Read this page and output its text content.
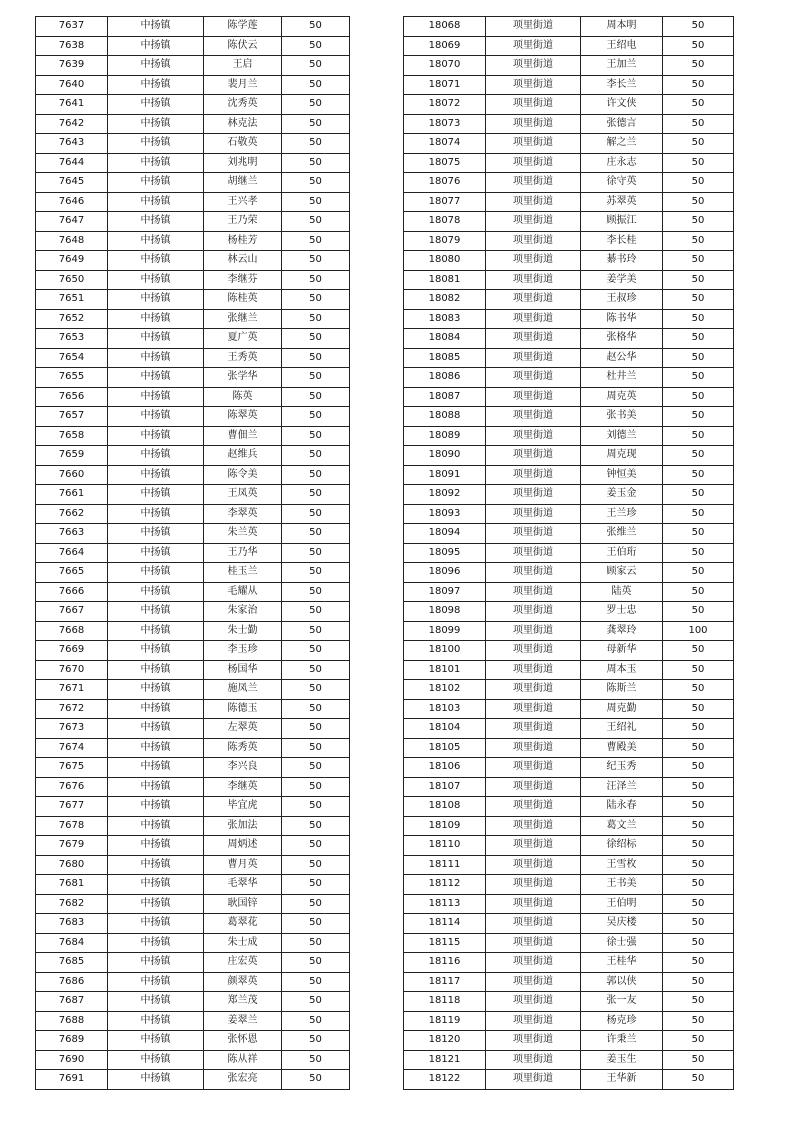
7637	中扬镇	陈学莲	50
7638	中扬镇	陈伏云	50
7639	中扬镇	王启	50
7640	中扬镇	裴月兰	50
7641	中扬镇	沈秀英	50
7642	中扬镇	林克法	50
7643	中扬镇	石敬英	50
7644	中扬镇	刘兆明	50
7645	中扬镇	胡继兰	50
7646	中扬镇	王兴孝	50
7647	中扬镇	王乃荣	50
7648	中扬镇	杨桂芳	50
7649	中扬镇	林云山	50
7650	中扬镇	李继芬	50
7651	中扬镇	陈桂英	50
7652	中扬镇	张继兰	50
7653	中扬镇	夏广英	50
7654	中扬镇	王秀英	50
7655	中扬镇	张学华	50
7656	中扬镇	陈英	50
7657	中扬镇	陈翠英	50
7658	中扬镇	曹佃兰	50
7659	中扬镇	赵维兵	50
7660	中扬镇	陈令美	50
7661	中扬镇	王凤英	50
7662	中扬镇	李翠英	50
7663	中扬镇	朱兰英	50
7664	中扬镇	王乃华	50
7665	中扬镇	桂玉兰	50
7666	中扬镇	毛耀从	50
7667	中扬镇	朱家治	50
7668	中扬镇	朱士勤	50
7669	中扬镇	李玉珍	50
7670	中扬镇	杨国华	50
7671	中扬镇	施凤兰	50
7672	中扬镇	陈德玉	50
7673	中扬镇	左翠英	50
7674	中扬镇	陈秀英	50
7675	中扬镇	李兴良	50
7676	中扬镇	李继英	50
7677	中扬镇	毕宜虎	50
7678	中扬镇	张加法	50
7679	中扬镇	周炳述	50
7680	中扬镇	曹月英	50
7681	中扬镇	毛翠华	50
7682	中扬镇	耿国锌	50
7683	中扬镇	葛翠花	50
7684	中扬镇	朱士成	50
7685	中扬镇	庄宏英	50
7686	中扬镇	颜翠英	50
7687	中扬镇	郑兰茂	50
7688	中扬镇	姜翠兰	50
7689	中扬镇	张怀恩	50
7690	中扬镇	陈从祥	50
7691	中扬镇	张宏亮	50
18068	项里街道	周本明	50
18069	项里街道	王绍电	50
18070	项里街道	王加兰	50
18071	项里街道	李长兰	50
18072	项里街道	许文侠	50
18073	项里街道	张德言	50
18074	项里街道	解之兰	50
18075	项里街道	庄永志	50
18076	项里街道	徐守英	50
18077	项里街道	苏翠英	50
18078	项里街道	顾振江	50
18079	项里街道	李长桂	50
18080	项里街道	綦书玲	50
18081	项里街道	姜学美	50
18082	项里街道	王叔珍	50
18083	项里街道	陈书华	50
18084	项里街道	张格华	50
18085	项里街道	赵公华	50
18086	项里街道	杜井兰	50
18087	项里街道	周克英	50
18088	项里街道	张书美	50
18089	项里街道	刘德兰	50
18090	项里街道	周克现	50
18091	项里街道	钟恒美	50
18092	项里街道	姜玉金	50
18093	项里街道	王兰珍	50
18094	项里街道	张维兰	50
18095	项里街道	王伯珩	50
18096	项里街道	顾家云	50
18097	项里街道	陆英	50
18098	项里街道	罗士忠	50
18099	项里街道	龚翠玲	100
18100	项里街道	母新华	50
18101	项里街道	周本玉	50
18102	项里街道	陈斯兰	50
18103	项里街道	周克勤	50
18104	项里街道	王绍礼	50
18105	项里街道	曹殿美	50
18106	项里街道	纪玉秀	50
18107	项里街道	汪泽兰	50
18108	项里街道	陆永春	50
18109	项里街道	葛文兰	50
18110	项里街道	徐绍标	50
18111	项里街道	王雪枚	50
18112	项里街道	王书美	50
18113	项里街道	王伯明	50
18114	项里街道	吴庆楼	50
18115	项里街道	徐士强	50
18116	项里街道	王桂华	50
18117	项里街道	郭以侠	50
18118	项里街道	张一友	50
18119	项里街道	杨克珍	50
18120	项里街道	许秉兰	50
18121	项里街道	姜玉生	50
18122	项里街道	王华新	50
